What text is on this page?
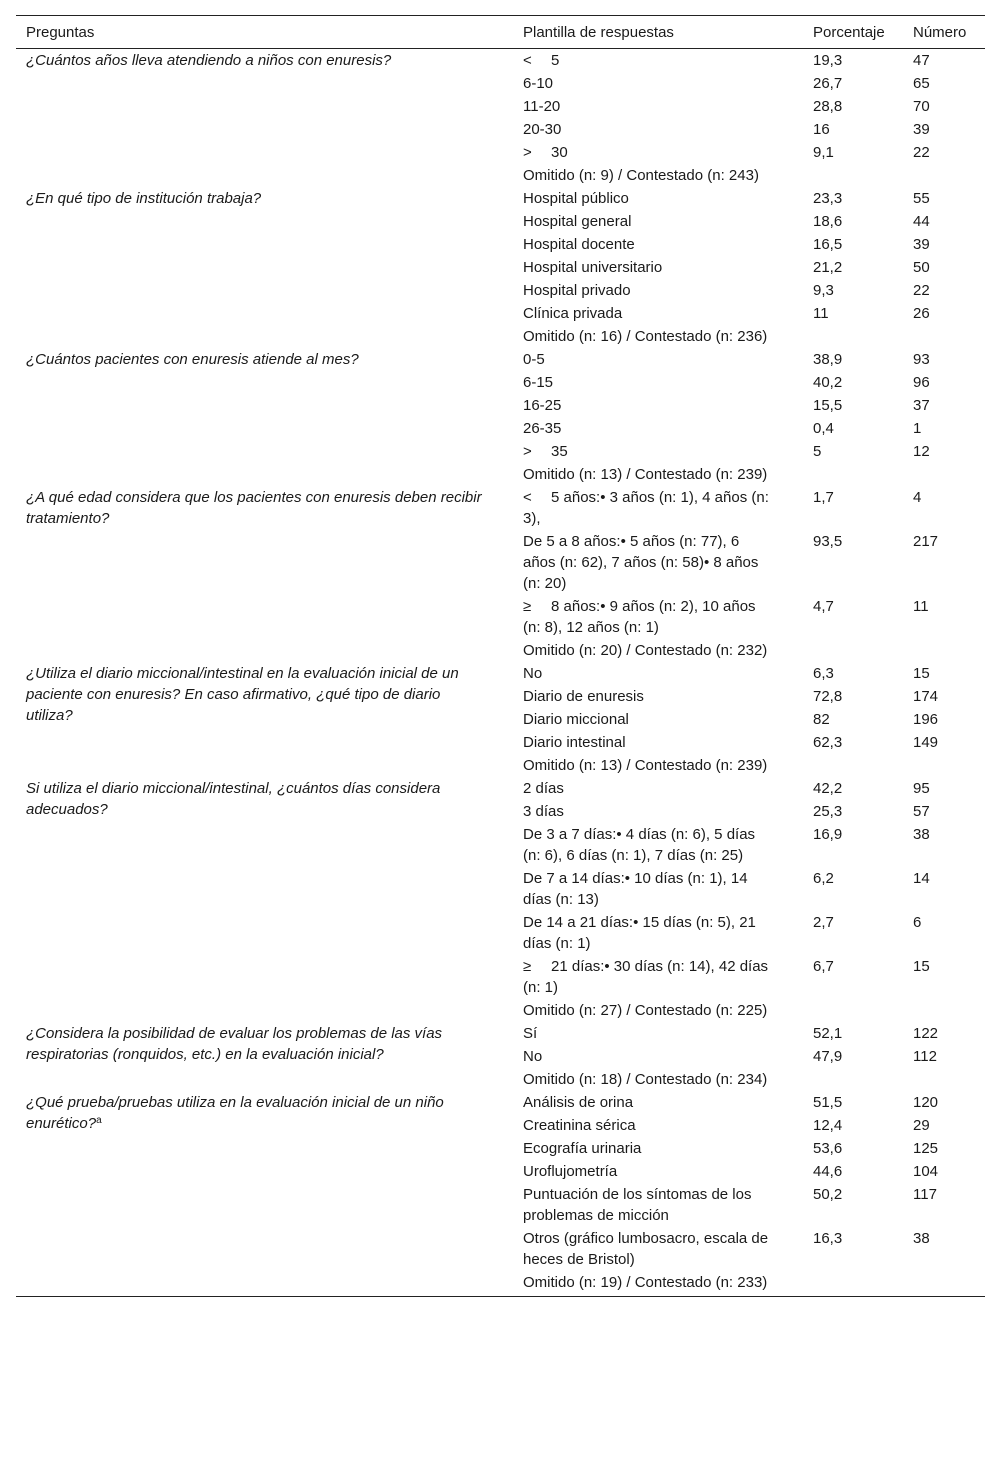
Preguntas	Plantilla de respuestas	Porcentaje	Número
¿Cuántos años lleva atendiendo a niños con enuresis?	< 5	19,3	47
	6-10	26,7	65
	11-20	28,8	70
	20-30	16	39
	> 30	9,1	22
	Omitido (n: 9) / Contestado (n: 243)		
¿En qué tipo de institución trabaja?	Hospital público	23,3	55
	Hospital general	18,6	44
	Hospital docente	16,5	39
	Hospital universitario	21,2	50
	Hospital privado	9,3	22
	Clínica privada	11	26
	Omitido (n: 16) / Contestado (n: 236)		
¿Cuántos pacientes con enuresis atiende al mes?	0-5	38,9	93
	6-15	40,2	96
	16-25	15,5	37
	26-35	0,4	1
	> 35	5	12
	Omitido (n: 13) / Contestado (n: 239)		
¿A qué edad considera que los pacientes con enuresis deben recibir tratamiento?	< 5 años:• 3 años (n: 1), 4 años (n: 3),	1,7	4
	De 5 a 8 años:• 5 años (n: 77), 6 años (n: 62), 7 años (n: 58)• 8 años (n: 20)	93,5	217
	≥ 8 años:• 9 años (n: 2), 10 años (n: 8), 12 años (n: 1)	4,7	11
	Omitido (n: 20) / Contestado (n: 232)		
¿Utiliza el diario miccional/intestinal en la evaluación inicial de un paciente con enuresis? En caso afirmativo, ¿qué tipo de diario utiliza?	No	6,3	15
	Diario de enuresis	72,8	174
	Diario miccional	82	196
	Diario intestinal	62,3	149
	Omitido (n: 13) / Contestado (n: 239)		
Si utiliza el diario miccional/intestinal, ¿cuántos días considera adecuados?	2 días	42,2	95
	3 días	25,3	57
	De 3 a 7 días:• 4 días (n: 6), 5 días (n: 6), 6 días (n: 1), 7 días (n: 25)	16,9	38
	De 7 a 14 días:• 10 días (n: 1), 14 días (n: 13)	6,2	14
	De 14 a 21 días:• 15 días (n: 5), 21 días (n: 1)	2,7	6
	≥ 21 días:• 30 días (n: 14), 42 días (n: 1)	6,7	15
	Omitido (n: 27) / Contestado (n: 225)		
¿Considera la posibilidad de evaluar los problemas de las vías respiratorias (ronquidos, etc.) en la evaluación inicial?	Sí	52,1	122
	No	47,9	112
	Omitido (n: 18) / Contestado (n: 234)		
¿Qué prueba/pruebas utiliza en la evaluación inicial de un niño enurético?$^a$	Análisis de orina	51,5	120
	Creatinina sérica	12,4	29
	Ecografía urinaria	53,6	125
	Uroflujometría	44,6	104
	Puntuación de los síntomas de los problemas de micción	50,2	117
	Otros (gráfico lumbosacro, escala de heces de Bristol)	16,3	38
	Omitido (n: 19) / Contestado (n: 233)		
